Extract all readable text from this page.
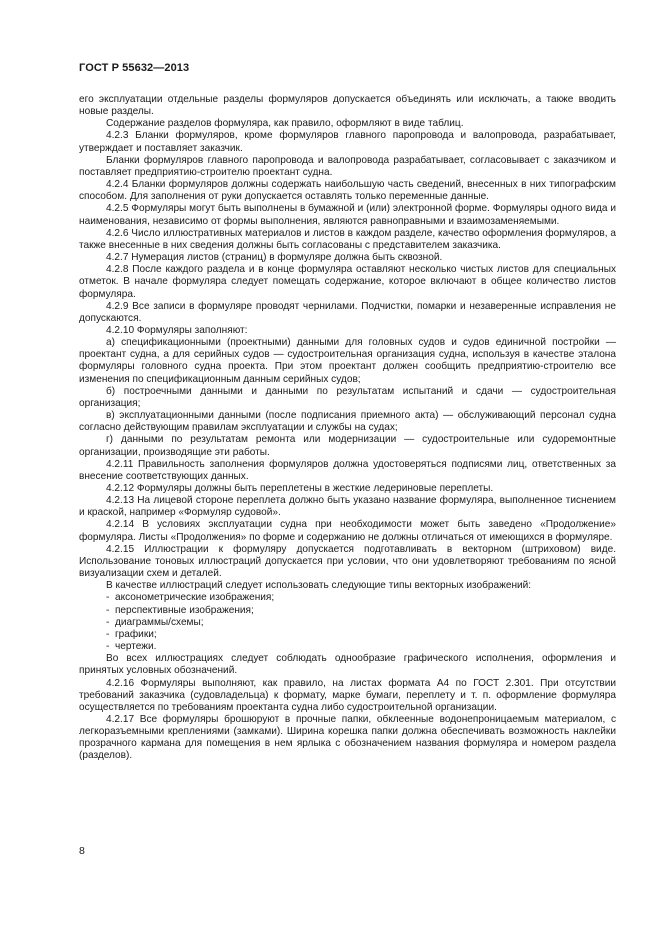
ГОСТ Р 55632—2013

его эксплуатации отдельные разделы формуляров допускается объединять или исключать, а также вводить новые разделы.

Содержание разделов формуляра, как правило, оформляют в виде таблиц.

4.2.3 Бланки формуляров, кроме формуляров главного паропровода и валопровода, разрабатывает, утверждает и поставляет заказчик.

Бланки формуляров главного паропровода и валопровода разрабатывает, согласовывает с заказчиком и поставляет предприятию-строителю проектант судна.

4.2.4 Бланки формуляров должны содержать наибольшую часть сведений, внесенных в них типографским способом. Для заполнения от руки допускается оставлять только переменные данные.

4.2.5 Формуляры могут быть выполнены в бумажной и (или) электронной форме. Формуляры одного вида и наименования, независимо от формы выполнения, являются равноправными и взаимозаменяемыми.

4.2.6 Число иллюстративных материалов и листов в каждом разделе, качество оформления формуляров, а также внесенные в них сведения должны быть согласованы с представителем заказчика.

4.2.7 Нумерация листов (страниц) в формуляре должна быть сквозной.

4.2.8 После каждого раздела и в конце формуляра оставляют несколько чистых листов для специальных отметок. В начале формуляра следует помещать содержание, которое включают в общее количество листов формуляра.

4.2.9 Все записи в формуляре проводят чернилами. Подчистки, помарки и незаверенные исправления не допускаются.

4.2.10 Формуляры заполняют:

а) спецификационными (проектными) данными для головных судов и судов единичной постройки — проектант судна, а для серийных судов — судостроительная организация судна, используя в качестве эталона формуляры головного судна проекта. При этом проектант должен сообщить предприятию-строителю все изменения по спецификационным данным серийных судов;

б) построечными данными и данными по результатам испытаний и сдачи — судостроительная организация;

в) эксплуатационными данными (после подписания приемного акта) — обслуживающий персонал судна согласно действующим правилам эксплуатации и службы на судах;

г) данными по результатам ремонта или модернизации — судостроительные или судоремонтные организации, производящие эти работы.

4.2.11 Правильность заполнения формуляров должна удостоверяться подписями лиц, ответственных за внесение соответствующих данных.

4.2.12 Формуляры должны быть переплетены в жесткие ледериновые переплеты.

4.2.13 На лицевой стороне переплета должно быть указано название формуляра, выполненное тиснением и краской, например «Формуляр судовой».

4.2.14 В условиях эксплуатации судна при необходимости может быть заведено «Продолжение» формуляра. Листы «Продолжения» по форме и содержанию не должны отличаться от имеющихся в формуляре.

4.2.15 Иллюстрации к формуляру допускается подготавливать в векторном (штриховом) виде. Использование тоновых иллюстраций допускается при условии, что они удовлетворяют требованиям по ясной визуализации схем и деталей.

В качестве иллюстраций следует использовать следующие типы векторных изображений:

-  аксонометрические изображения;

-  перспективные изображения;

-  диаграммы/схемы;

-  графики;

-  чертежи.

Во всех иллюстрациях следует соблюдать однообразие графического исполнения, оформления и принятых условных обозначений.

4.2.16 Формуляры выполняют, как правило, на листах формата А4 по ГОСТ 2.301. При отсутствии требований заказчика (судовладельца) к формату, марке бумаги, переплету и т. п. оформление формуляра осуществляется по требованиям проектанта судна либо судостроительной организации.

4.2.17 Все формуляры брошюруют в прочные папки, обклеенные водонепроницаемым материалом, с легкоразъемными креплениями (замками). Ширина корешка папки должна обеспечивать возможность наклейки прозрачного кармана для помещения в нем ярлыка с обозначением названия формуляра и номером раздела (разделов).

8
